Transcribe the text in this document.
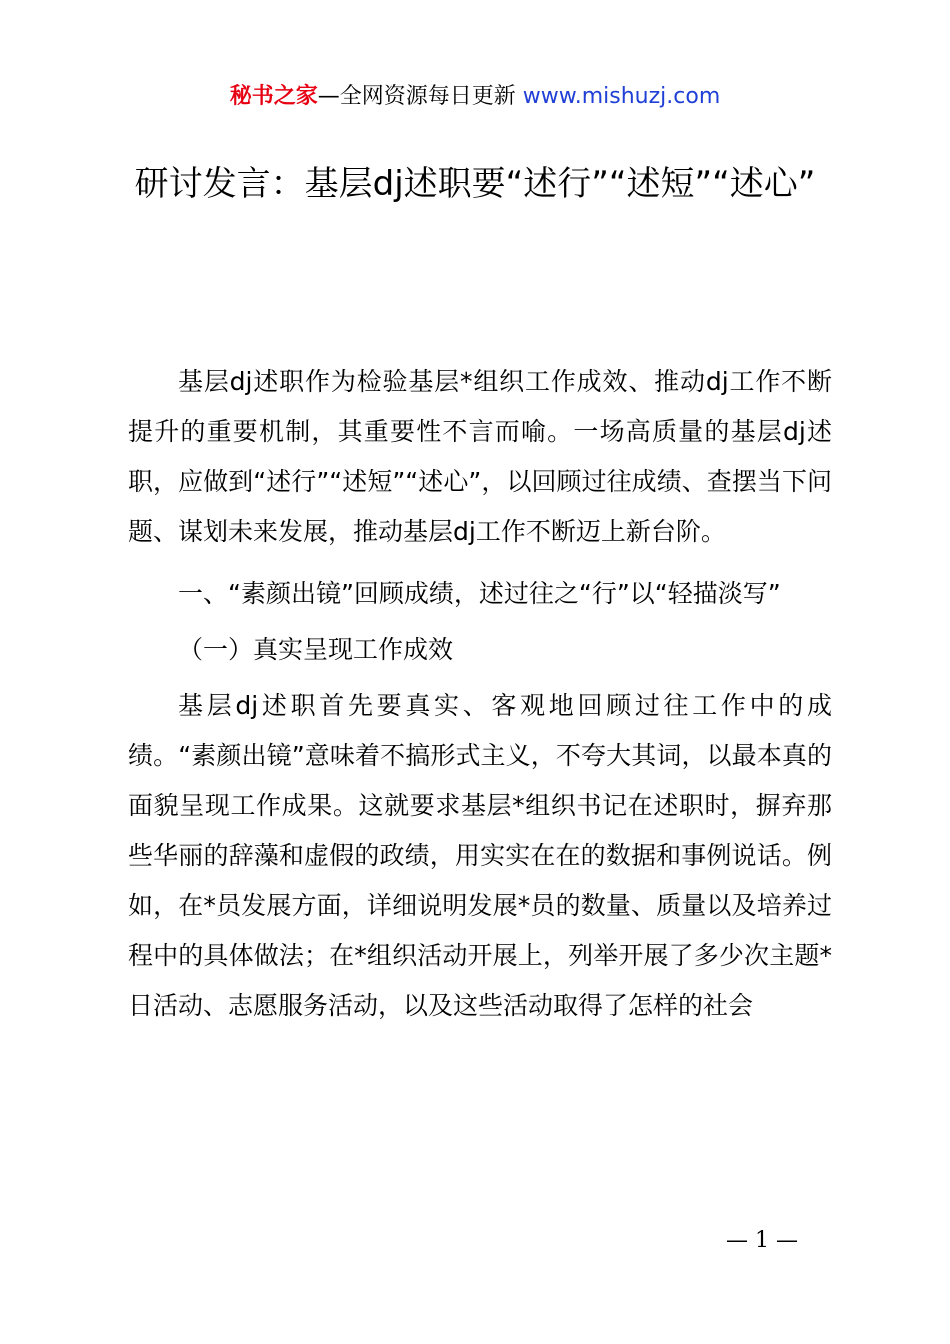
秘书之家—全网资源每日更新 www.mishuzj.com
研讨发言：基层dj述职要“述行”“述短”“述心”

基层dj述职作为检验基层*组织工作成效、推动dj工作不断提升的重要机制，其重要性不言而喻。一场高质量的基层dj述职，应做到“述行”“述短”“述心”，以回顾过往成绩、查摆当下问题、谋划未来发展，推动基层dj工作不断迈上新台阶。

一、“素颜出镜”回顾成绩，述过往之“行”以“轻描淡写”
（一）真实呈现工作成效

基层dj述职首先要真实、客观地回顾过往工作中的成绩。“素颜出镜”意味着不搞形式主义，不夸大其词，以最本真的面貌呈现工作成果。这就要求基层*组织书记在述职时，摒弃那些华丽的辞藻和虚假的政绩，用实实在在的数据和事例说话。例如，在*员发展方面，详细说明发展*员的数量、质量以及培养过程中的具体做法；在*组织活动开展上，列举开展了多少次主题*日活动、志愿服务活动，以及这些活动取得了怎样的社会

— 1 —
